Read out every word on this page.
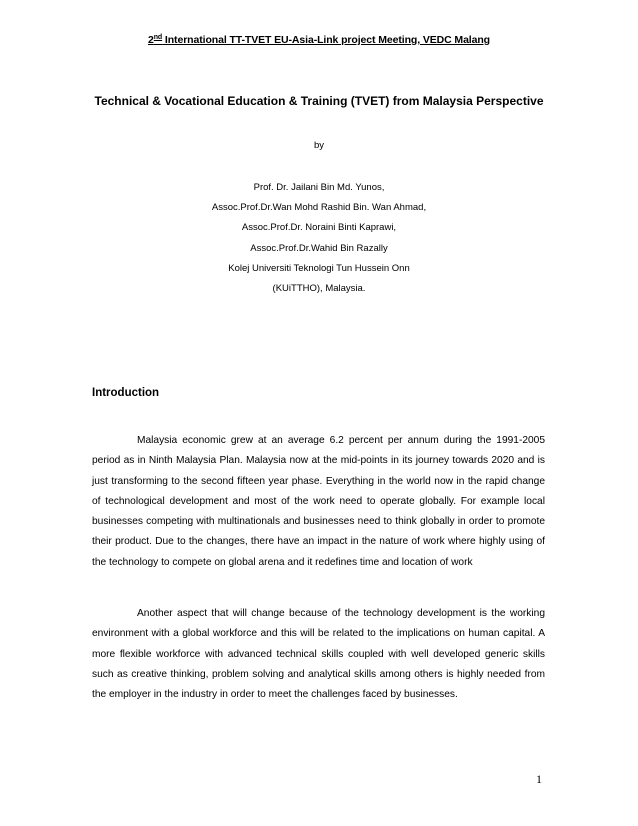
2nd International TT-TVET EU-Asia-Link project Meeting, VEDC Malang
Technical & Vocational Education & Training (TVET) from Malaysia Perspective
by
Prof. Dr. Jailani Bin Md. Yunos,
Assoc.Prof.Dr.Wan Mohd Rashid Bin. Wan Ahmad,
Assoc.Prof.Dr. Noraini Binti Kaprawi,
Assoc.Prof.Dr.Wahid Bin Razally
Kolej Universiti Teknologi Tun Hussein Onn
(KUiTTHO), Malaysia.
Introduction

Malaysia economic grew at an average 6.2 percent per annum during the 1991-2005 period as in Ninth Malaysia Plan. Malaysia now at the mid-points in its journey towards 2020 and is just transforming to the second fifteen year phase. Everything in the world now in the rapid change of technological development and most of the work need to operate globally. For example local businesses competing with multinationals and businesses need to think globally in order to promote their product. Due to the changes, there have an impact in the nature of work where highly using of the technology to compete on global arena and it redefines time and location of work

Another aspect that will change because of the technology development is the working environment with a global workforce and this will be related to the implications on human capital. A more flexible workforce with advanced technical skills coupled with well developed generic skills such as creative thinking, problem solving and analytical skills among others is highly needed from the employer in the industry in order to meet the challenges faced by businesses.

1
